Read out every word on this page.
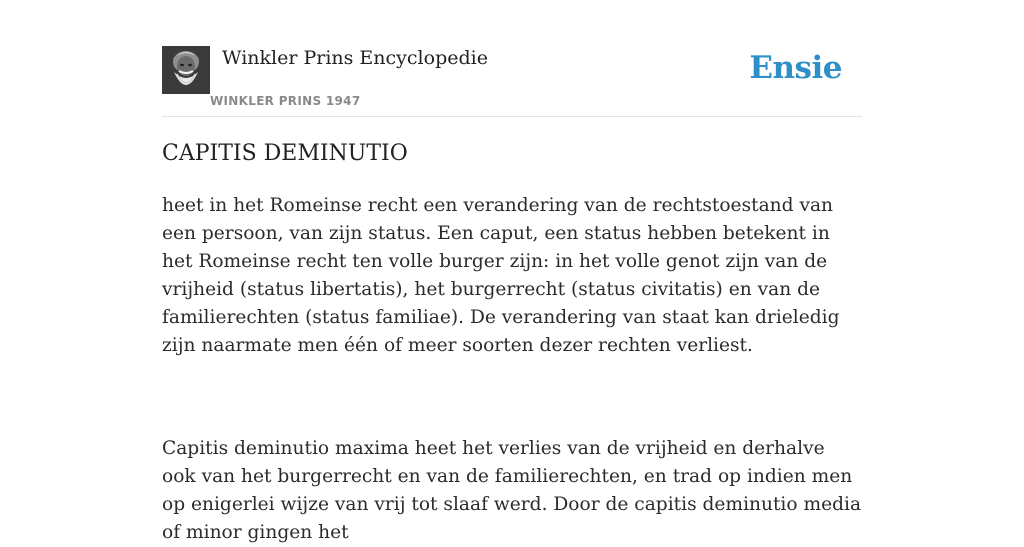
Winkler Prins Encyclopedie
WINKLER PRINS 1947
Ensie
CAPITIS DEMINUTIO

heet in het Romeinse recht een verandering van de rechtstoestand van een persoon, van zijn status. Een caput, een status hebben betekent in het Romeinse recht ten volle burger zijn: in het volle genot zijn van de vrijheid (status libertatis), het burgerrecht (status civitatis) en van de familierechten (status familiae). De verandering van staat kan drieledig zijn naarmate men één of meer soorten dezer rechten verliest.

Capitis deminutio maxima heet het verlies van de vrijheid en derhalve ook van het burgerrecht en van de familierechten, en trad op indien men op enigerlei wijze van vrij tot slaaf werd. Door de capitis deminutio media of minor gingen het
